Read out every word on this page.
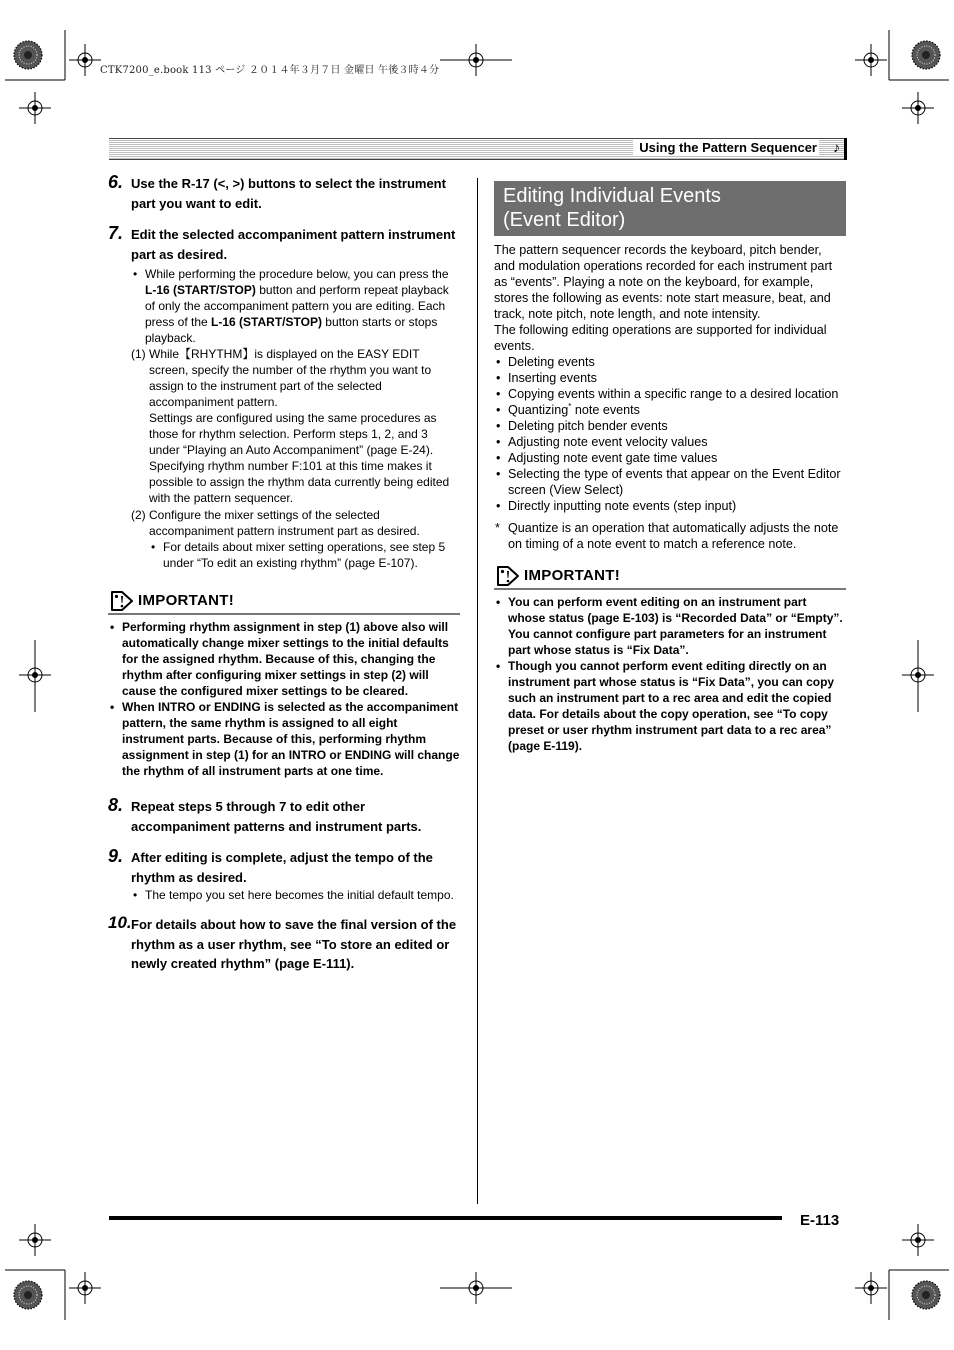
CTK7200_e.book 113 ページ ２０１４年３月７日 金曜日 午後３時４分
Using the Pattern Sequencer ♪
6. Use the R-17 (<, >) buttons to select the instrument part you want to edit.
7. Edit the selected accompaniment pattern instrument part as desired.
• While performing the procedure below, you can press the L-16 (START/STOP) button and perform repeat playback of only the accompaniment pattern you are editing. Each press of the L-16 (START/STOP) button starts or stops playback.
(1) While【RHYTHM】is displayed on the EASY EDIT screen, specify the number of the rhythm you want to assign to the instrument part of the selected accompaniment pattern.
Settings are configured using the same procedures as those for rhythm selection. Perform steps 1, 2, and 3 under “Playing an Auto Accompaniment” (page E-24). Specifying rhythm number F:101 at this time makes it possible to assign the rhythm data currently being edited with the pattern sequencer.
(2) Configure the mixer settings of the selected accompaniment pattern instrument part as desired.
• For details about mixer setting operations, see step 5 under “To edit an existing rhythm” (page E-107).
IMPORTANT!
• Performing rhythm assignment in step (1) above also will automatically change mixer settings to the initial defaults for the assigned rhythm. Because of this, changing the rhythm after configuring mixer settings in step (2) will cause the configured mixer settings to be cleared.
• When INTRO or ENDING is selected as the accompaniment pattern, the same rhythm is assigned to all eight instrument parts. Because of this, performing rhythm assignment in step (1) for an INTRO or ENDING will change the rhythm of all instrument parts at one time.
8. Repeat steps 5 through 7 to edit other accompaniment patterns and instrument parts.
9. After editing is complete, adjust the tempo of the rhythm as desired.
• The tempo you set here becomes the initial default tempo.
10. For details about how to save the final version of the rhythm as a user rhythm, see “To store an edited or newly created rhythm” (page E-111).
Editing Individual Events
(Event Editor)
The pattern sequencer records the keyboard, pitch bender, and modulation operations recorded for each instrument part as “events”. Playing a note on the keyboard, for example, stores the following as events: note start measure, beat, and track, note pitch, note length, and note intensity.
The following editing operations are supported for individual events.
• Deleting events
• Inserting events
• Copying events within a specific range to a desired location
• Quantizing* note events
• Deleting pitch bender events
• Adjusting note event velocity values
• Adjusting note event gate time values
• Selecting the type of events that appear on the Event Editor screen (View Select)
• Directly inputting note events (step input)
* Quantize is an operation that automatically adjusts the note on timing of a note event to match a reference note.
IMPORTANT!
• You can perform event editing on an instrument part whose status (page E-103) is “Recorded Data” or “Empty”. You cannot configure part parameters for an instrument part whose status is “Fix Data”.
• Though you cannot perform event editing directly on an instrument part whose status is “Fix Data”, you can copy such an instrument part to a rec area and edit the copied data. For details about the copy operation, see “To copy preset or user rhythm instrument part data to a rec area” (page E-119).
E-113
